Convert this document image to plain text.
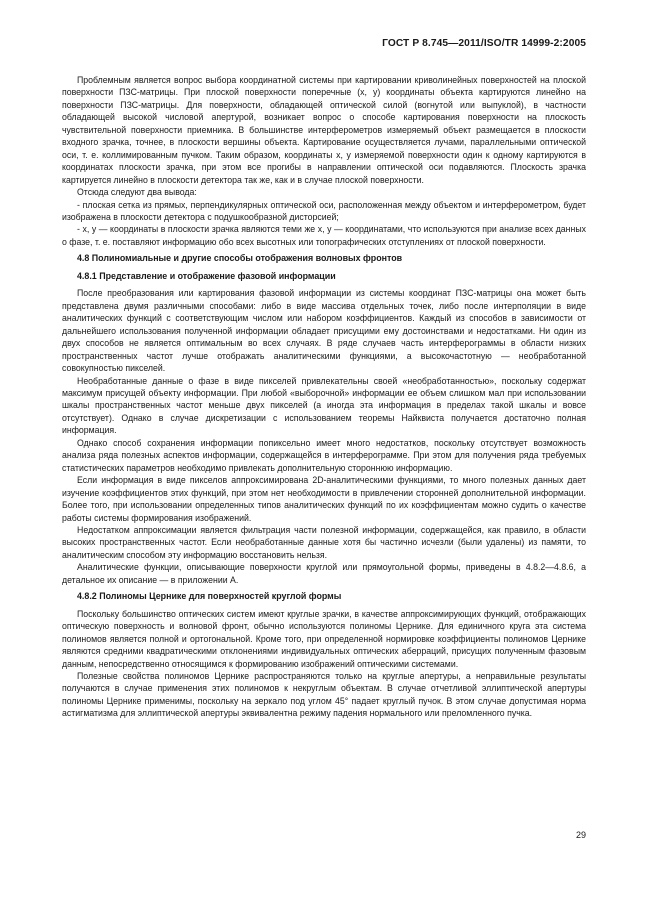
ГОСТ Р 8.745—2011/ISO/TR 14999-2:2005

Проблемным является вопрос выбора координатной системы при картировании криволинейных поверхностей на плоской поверхности ПЗС-матрицы. При плоской поверхности поперечные (x, y) координаты объекта картируются линейно на поверхности ПЗС-матрицы. Для поверхности, обладающей оптической силой (вогнутой или выпуклой), в частности обладающей высокой числовой апертурой, возникает вопрос о способе картирования поверхности на плоскость чувствительной поверхности приемника. В большинстве интерферометров измеряемый объект размещается в плоскости входного зрачка, точнее, в плоскости вершины объекта. Картирование осуществляется лучами, параллельными оптической оси, т. е. коллимированным пучком. Таким образом, координаты x, y измеряемой поверхности один к одному картируются в координатах плоскости зрачка, при этом все прогибы в направлении оптической оси подавляются. Плоскость зрачка картируется линейно в плоскости детектора так же, как и в случае плоской поверхности.

Отсюда следуют два вывода:

- плоская сетка из прямых, перпендикулярных оптической оси, расположенная между объектом и интерферометром, будет изображена в плоскости детектора с подушкообразной дисторсией;

- x, y — координаты в плоскости зрачка являются теми же x, y — координатами, что используются при анализе всех данных о фазе, т. е. поставляют информацию обо всех высотных или топографических отступлениях от плоской поверхности.

4.8 Полиномиальные и другие способы отображения волновых фронтов
4.8.1 Представление и отображение фазовой информации

После преобразования или картирования фазовой информации из системы координат ПЗС-матрицы она может быть представлена двумя различными способами: либо в виде массива отдельных точек, либо после интерполяции в виде аналитических функций с соответствующим числом или набором коэффициентов. Каждый из способов в зависимости от дальнейшего использования полученной информации обладает присущими ему достоинствами и недостатками. Ни один из двух способов не является оптимальным во всех случаях. В ряде случаев часть интерферограммы в области низких пространственных частот лучше отображать аналитическими функциями, а высокочастотную — необработанной совокупностью пикселей.

Необработанные данные о фазе в виде пикселей привлекательны своей «необработанностью», поскольку содержат максимум присущей объекту информации. При любой «выборочной» информации ее объем слишком мал при использовании шкалы пространственных частот меньше двух пикселей (а иногда эта информация в пределах такой шкалы и вовсе отсутствует). Однако в случае дискретизации с использованием теоремы Найквиста получается достаточно полная информация.

Однако способ сохранения информации попиксельно имеет много недостатков, поскольку отсутствует возможность анализа ряда полезных аспектов информации, содержащейся в интерферограмме. При этом для получения ряда требуемых статистических параметров необходимо привлекать дополнительную стороннюю информацию.

Если информация в виде пикселов аппроксимирована 2D-аналитическими функциями, то много полезных данных дает изучение коэффициентов этих функций, при этом нет необходимости в привлечении сторонней дополнительной информации. Более того, при использовании определенных типов аналитических функций по их коэффициентам можно судить о качестве работы системы формирования изображений.

Недостатком аппроксимации является фильтрация части полезной информации, содержащейся, как правило, в области высоких пространственных частот. Если необработанные данные хотя бы частично исчезли (были удалены) из памяти, то аналитическим способом эту информацию восстановить нельзя.

Аналитические функции, описывающие поверхности круглой или прямоугольной формы, приведены в 4.8.2—4.8.6, а детальное их описание — в приложении А.

4.8.2 Полиномы Цернике для поверхностей круглой формы

Поскольку большинство оптических систем имеют круглые зрачки, в качестве аппроксимирующих функций, отображающих оптическую поверхность и волновой фронт, обычно используются полиномы Цернике. Для единичного круга эта система полиномов является полной и ортогональной. Кроме того, при определенной нормировке коэффициенты полиномов Цернике являются средними квадратическими отклонениями индивидуальных оптических аберраций, присущих полученным фазовым данным, непосредственно относящимся к формированию изображений оптическими системами.

Полезные свойства полиномов Цернике распространяются только на круглые апертуры, а неправильные результаты получаются в случае применения этих полиномов к некруглым объектам. В случае отчетливой эллиптической апертуры полиномы Цернике применимы, поскольку на зеркало под углом 45° падает круглый пучок. В этом случае допустимая норма астигматизма для эллиптической апертуры эквивалентна режиму падения нормального или преломленного пучка.

29
